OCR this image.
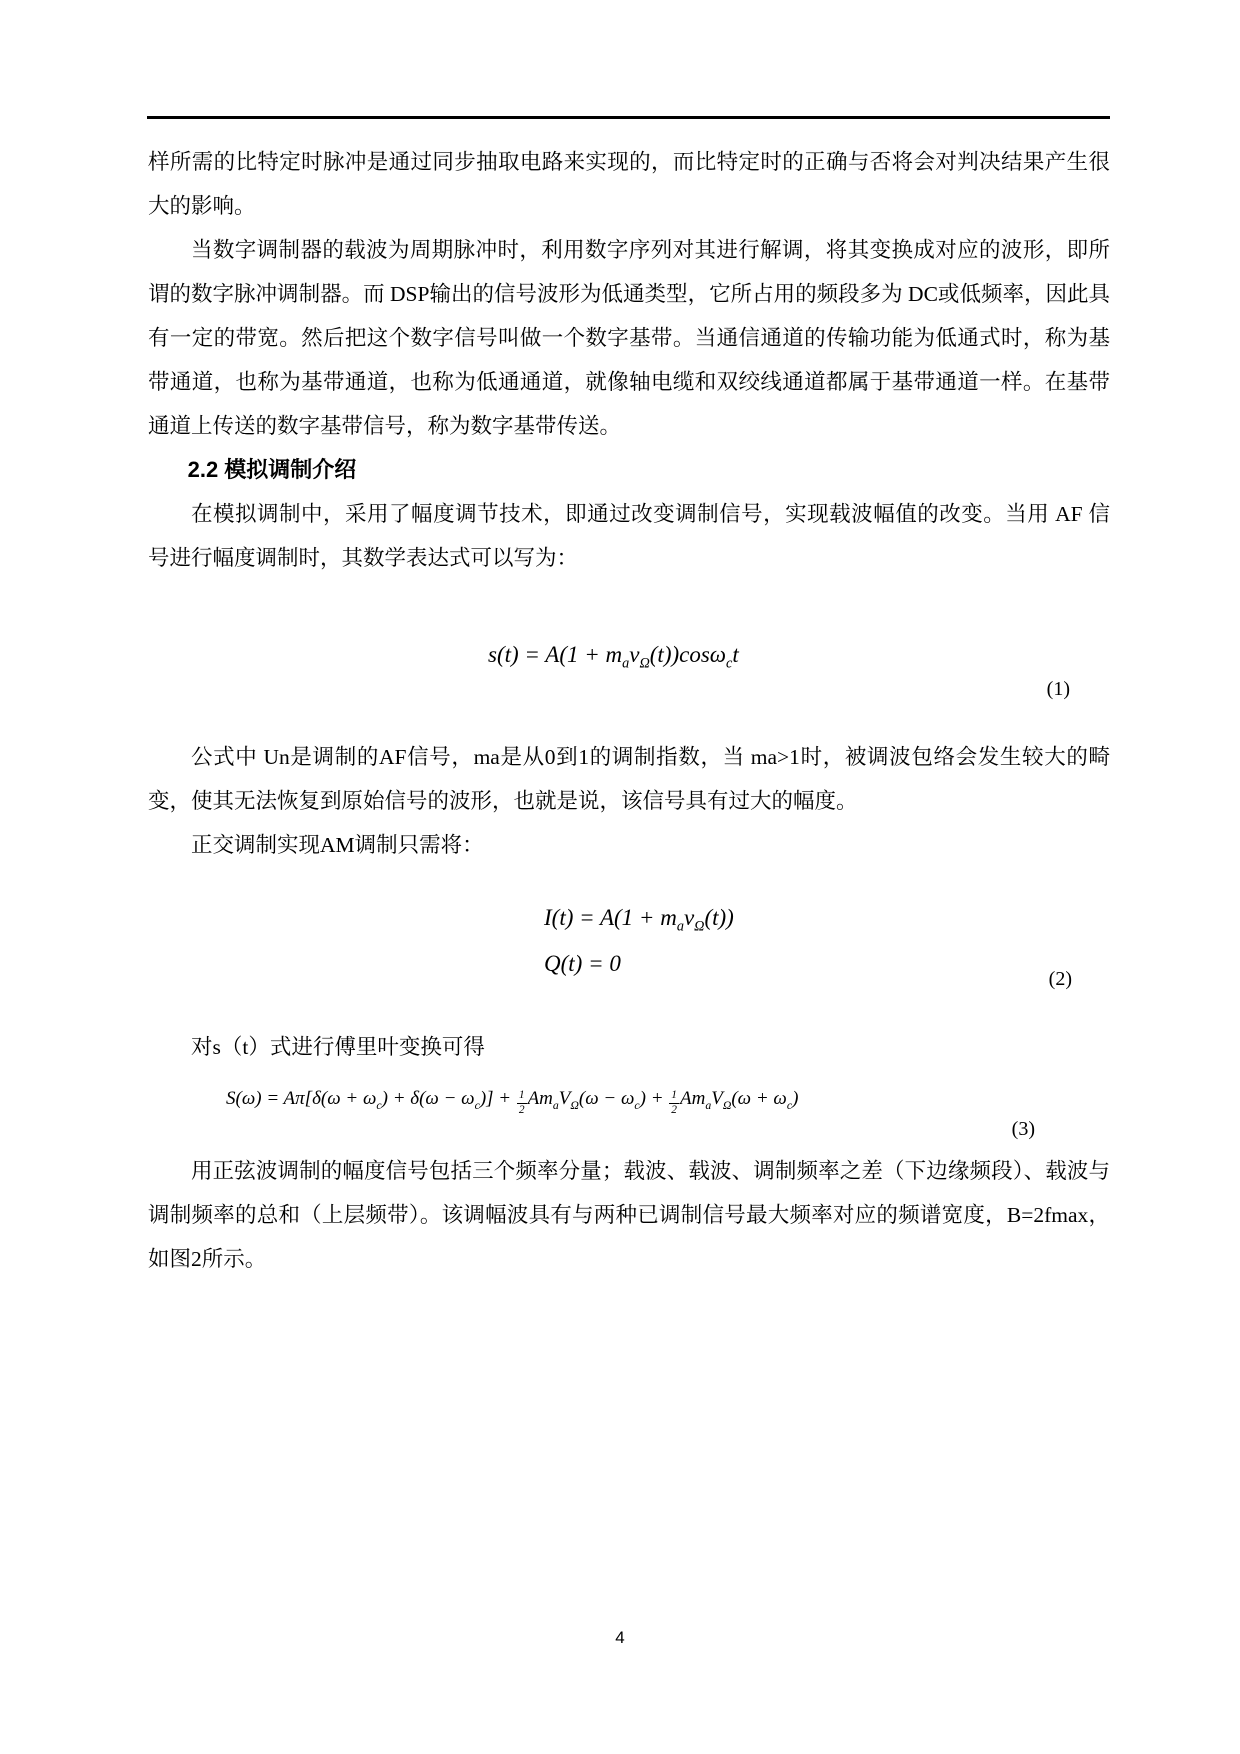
样所需的比特定时脉冲是通过同步抽取电路来实现的，而比特定时的正确与否将会对判决结果产生很大的影响。

当数字调制器的载波为周期脉冲时，利用数字序列对其进行解调，将其变换成对应的波形，即所谓的数字脉冲调制器。而 DSP输出的信号波形为低通类型，它所占用的频段多为 DC或低频率，因此具有一定的带宽。然后把这个数字信号叫做一个数字基带。当通信通道的传输功能为低通式时，称为基带通道，也称为基带通道，也称为低通通道，就像轴电缆和双绞线通道都属于基带通道一样。在基带通道上传送的数字基带信号，称为数字基带传送。

2.2 模拟调制介绍

在模拟调制中，采用了幅度调节技术，即通过改变调制信号，实现载波幅值的改变。当用 AF 信号进行幅度调制时，其数学表达式可以写为：

$s(t) = A(1 + m_av_\Omega(t))\cos\omega_ct$
(1)

公式中 Un是调制的AF信号，ma是从0到1的调制指数，当 ma>1时，被调波包络会发生较大的畸变，使其无法恢复到原始信号的波形，也就是说，该信号具有过大的幅度。

正交调制实现AM调制只需将：

$I(t) = A(1 + m_av_\Omega(t))$
Q(t) = 0
(2)

对s（t）式进行傅里叶变换可得

$S(\omega) = A\pi[\delta(\omega + \omega_c) + \delta(\omega - \omega_c)] + \frac{1}{2} Am_aV_\Omega(\omega - \omega_c) + \frac{1}{2} Am_aV_\Omega(\omega + \omega_c)$
(3)

用正弦波调制的幅度信号包括三个频率分量；载波、载波、调制频率之差（下边缘频段）、载波与调制频率的总和（上层频带）。该调幅波具有与两种已调制信号最大频率对应的频谱宽度，B=2fmax，如图2所示。

4
